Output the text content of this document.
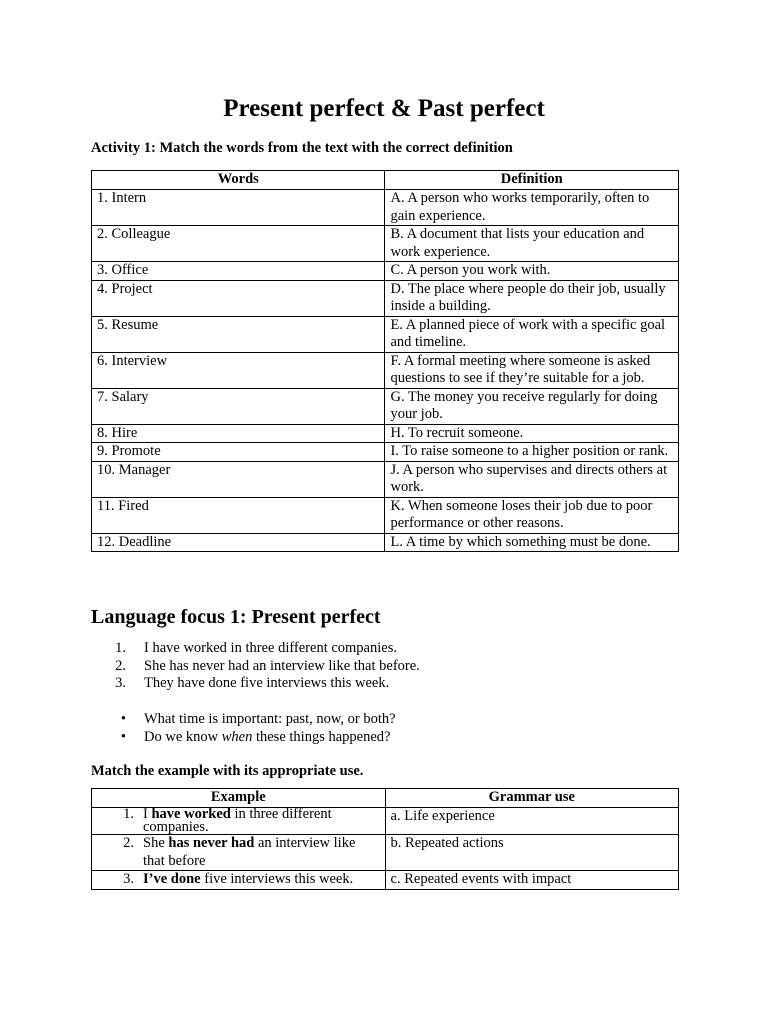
Present perfect & Past perfect
Activity 1: Match the words from the text with the correct definition
Words	Definition
1. Intern	A. A person who works temporarily, often to gain experience.
2. Colleague	B. A document that lists your education and work experience.
3. Office	C. A person you work with.
4. Project	D. The place where people do their job, usually inside a building.
5. Resume	E. A planned piece of work with a specific goal and timeline.
6. Interview	F. A formal meeting where someone is asked questions to see if they’re suitable for a job.
7. Salary	G. The money you receive regularly for doing your job.
8. Hire	H. To recruit someone.
9. Promote	I. To raise someone to a higher position or rank.
10. Manager	J. A person who supervises and directs others at work.
11. Fired	K. When someone loses their job due to poor performance or other reasons.
12. Deadline	L. A time by which something must be done.
Language focus 1: Present perfect
1.	I have worked in three different companies.
2.	She has never had an interview like that before.
3.	They have done five interviews this week.
•	What time is important: past, now, or both?
•	Do we know when these things happened?
Match the example with its appropriate use.
Example	Grammar use

1. I have worked in three different companies.	a. Life experience

2. She has never had an interview like that before	b. Repeated actions

3. I’ve done five interviews this week.	c. Repeated events with impact
